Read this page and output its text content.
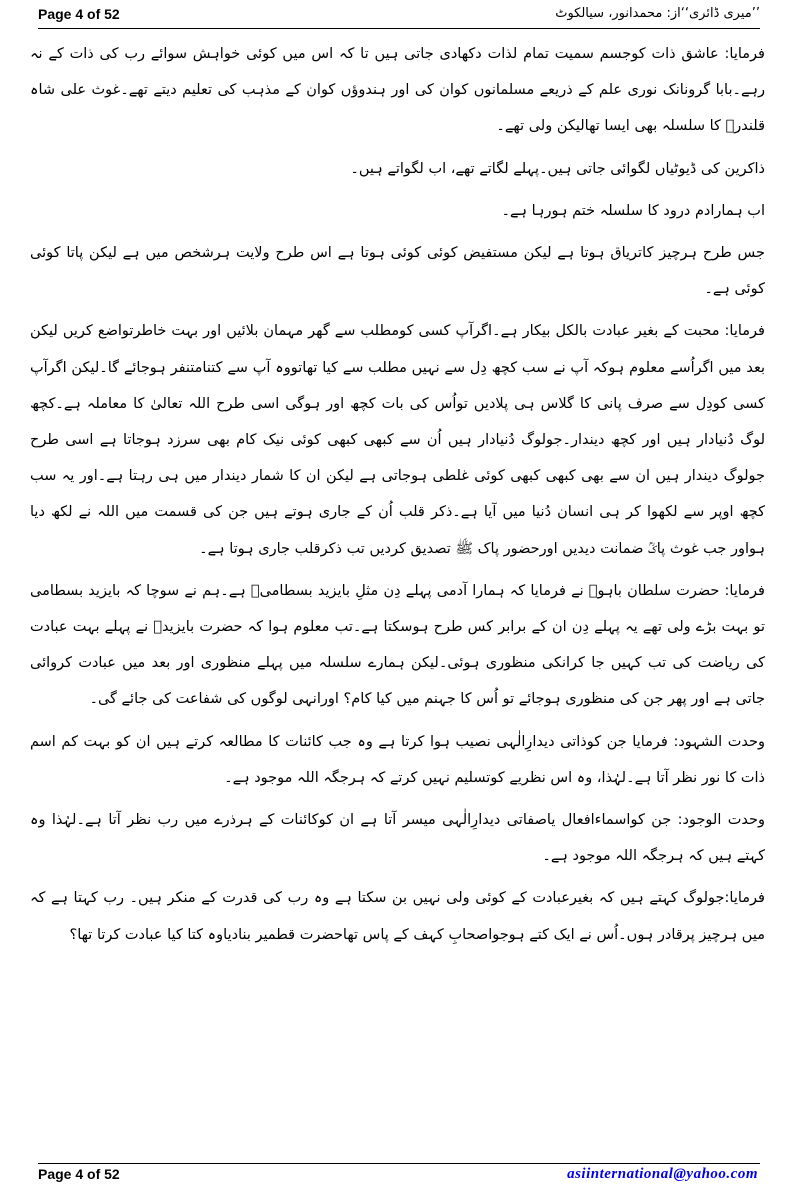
Page 4 of 52	’’میری ڈائری‘‘از: محمدانور، سیالکوٹ

فرمایا: عاشق ذات کوجسم سمیت تمام لذات دکھادی جاتی ہیں تا کہ اس میں کوئی خواہش سوائے رب کی ذات کے نہ رہے۔بابا گرونانک نوری علم کے ذریعے مسلمانوں کوان کی اور ہندوؤں کوان کے مذہب کی تعلیم دیتے تھے۔غوث علی شاہ قلندرؒ کا سلسلہ بھی ایسا تھالیکن ولی تھے۔

ذاکرین کی ڈیوٹیاں لگوائی جاتی ہیں۔پہلے لگاتے تھے، اب لگواتے ہیں۔

اب ہمارادم درود کا سلسلہ ختم ہورہا ہے۔

جس طرح ہرچیز کاتریاق ہوتا ہے لیکن مستفیض کوئی کوئی ہوتا ہے اس طرح ولایت ہرشخص میں ہے لیکن پاتا کوئی کوئی ہے۔

فرمایا: محبت کے بغیر عبادت بالکل بیکار ہے۔اگرآپ کسی کومطلب سے گھر مہمان بلائیں اور بہت خاطرتواضع کریں لیکن بعد میں اگراُسے معلوم ہوکہ آپ نے سب کچھ دِل سے نہیں مطلب سے کیا تھاتووہ آپ سے کتنامتنفر ہوجائے گا۔لیکن اگرآپ کسی کودِل سے صرف پانی کا گلاس ہی پلادیں تواُس کی بات کچھ اور ہوگی اسی طرح اللہ تعالیٰ کا معاملہ ہے۔کچھ لوگ دُنیادار ہیں اور کچھ دیندار۔جولوگ دُنیادار ہیں اُن سے کبھی کبھی کوئی نیک کام بھی سرزد ہوجاتا ہے اسی طرح جولوگ دیندار ہیں ان سے بھی کبھی کبھی کوئی غلطی ہوجاتی ہے لیکن ان کا شمار دیندار میں ہی رہتا ہے۔اور یہ سب کچھ اوپر سے لکھوا کر ہی انسان دُنیا میں آیا ہے۔ذکر قلب اُن کے جاری ہوتے ہیں جن کی قسمت میں اللہ نے لکھ دیا ہواور جب غوث پاکؒ ضمانت دیدیں اورحضور پاک ﷺ تصدیق کردیں تب ذکرقلب جاری ہوتا ہے۔

فرمایا: حضرت سلطان باہوؒ نے فرمایا کہ ہمارا آدمی پہلے دِن مثلِ بایزید بسطامیؒ ہے۔ہم نے سوچا کہ بایزید بسطامی تو بہت بڑے ولی تھے یہ پہلے دِن ان کے برابر کس طرح ہوسکتا ہے۔تب معلوم ہوا کہ حضرت بایزیدؒ نے پہلے بہت عبادت کی ریاضت کی تب کہیں جا کرانکی منظوری ہوئی۔لیکن ہمارے سلسلہ میں پہلے منظوری اور بعد میں عبادت کروائی جاتی ہے اور پھر جن کی منظوری ہوجائے تو اُس کا جہنم میں کیا کام؟ اورانہی لوگوں کی شفاعت کی جائے گی۔

وحدت الشہود: فرمایا جن کوذاتی دیدارِالٰہی نصیب ہوا کرتا ہے وہ جب کائنات کا مطالعہ کرتے ہیں ان کو بہت کم اسم ذات کا نور نظر آتا ہے۔لہٰذا، وہ اس نظریے کوتسلیم نہیں کرتے کہ ہرجگہ اللہ موجود ہے۔

وحدت الوجود: جن کواسماءافعال یاصفاتی دیدارِالٰہی میسر آتا ہے ان کوکائنات کے ہرذرے میں رب نظر آتا ہے۔لہٰذا وہ کہتے ہیں کہ ہرجگہ اللہ موجود ہے۔

فرمایا:جولوگ کہتے ہیں کہ بغیرعبادت کے کوئی ولی نہیں بن سکتا ہے وہ رب کی قدرت کے منکر ہیں۔ رب کہتا ہے کہ میں ہرچیز پرقادر ہوں۔اُس نے ایک کتے ہوجواصحابِ کہف کے پاس تھاحضرت قطمیر بنادیاوہ کتا کیا عبادت کرتا تھا؟

Page 4 of 52	asiinternational@yahoo.com
